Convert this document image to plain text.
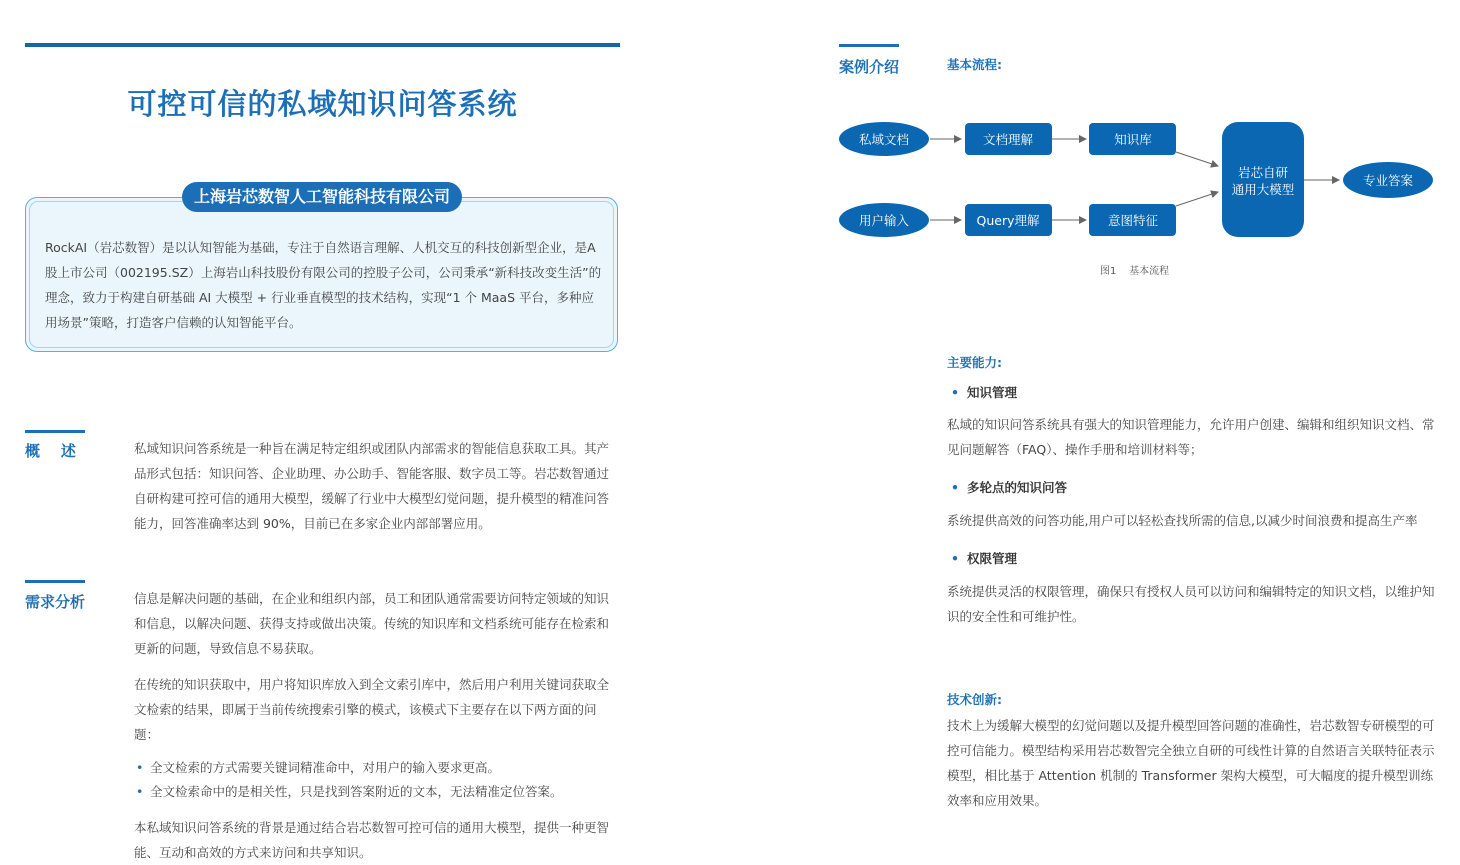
可控可信的私域知识问答系统
上海岩芯数智人工智能科技有限公司
RockAI（岩芯数智）是以认知智能为基础，专注于自然语言理解、人机交互的科技创新型企业，是A股上市公司（002195.SZ）上海岩山科技股份有限公司的控股子公司，公司秉承“新科技改变生活”的理念，致力于构建自研基础 AI 大模型 + 行业垂直模型的技术结构，实现“1 个 MaaS 平台，多种应用场景”策略，打造客户信赖的认知智能平台。
概    述	私域知识问答系统是一种旨在满足特定组织或团队内部需求的智能信息获取工具。其产品形式包括：知识问答、企业助理、办公助手、智能客服、数字员工等。岩芯数智通过自研构建可控可信的通用大模型，缓解了行业中大模型幻觉问题，提升模型的精准问答能力，回答准确率达到 90%，目前已在多家企业内部部署应用。
需求分析	信息是解决问题的基础，在企业和组织内部，员工和团队通常需要访问特定领域的知识和信息，以解决问题、获得支持或做出决策。传统的知识库和文档系统可能存在检索和更新的问题，导致信息不易获取。
在传统的知识获取中，用户将知识库放入到全文索引库中，然后用户利用关键词获取全文检索的结果，即属于当前传统搜索引擎的模式，该模式下主要存在以下两方面的问题：
• 全文检索的方式需要关键词精准命中，对用户的输入要求更高。
• 全文检索命中的是相关性，只是找到答案附近的文本，无法精准定位答案。
本私域知识问答系统的背景是通过结合岩芯数智可控可信的通用大模型，提供一种更智能、互动和高效的方式来访问和共享知识。
案例介绍	基本流程:
私域文档	文档理解	知识库
用户输入	Query理解	意图特征
岩芯自研
通用大模型
专业答案
图1    基本流程
主要能力:
• 知识管理
私域的知识问答系统具有强大的知识管理能力，允许用户创建、编辑和组织知识文档、常见问题解答（FAQ）、操作手册和培训材料等；
• 多轮点的知识问答
系统提供高效的问答功能,用户可以轻松查找所需的信息,以减少时间浪费和提高生产率
• 权限管理
系统提供灵活的权限管理，确保只有授权人员可以访问和编辑特定的知识文档，以维护知识的安全性和可维护性。
技术创新:
技术上为缓解大模型的幻觉问题以及提升模型回答问题的准确性，岩芯数智专研模型的可控可信能力。模型结构采用岩芯数智完全独立自研的可线性计算的自然语言关联特征表示模型，相比基于 Attention 机制的 Transformer 架构大模型，可大幅度的提升模型训练效率和应用效果。
